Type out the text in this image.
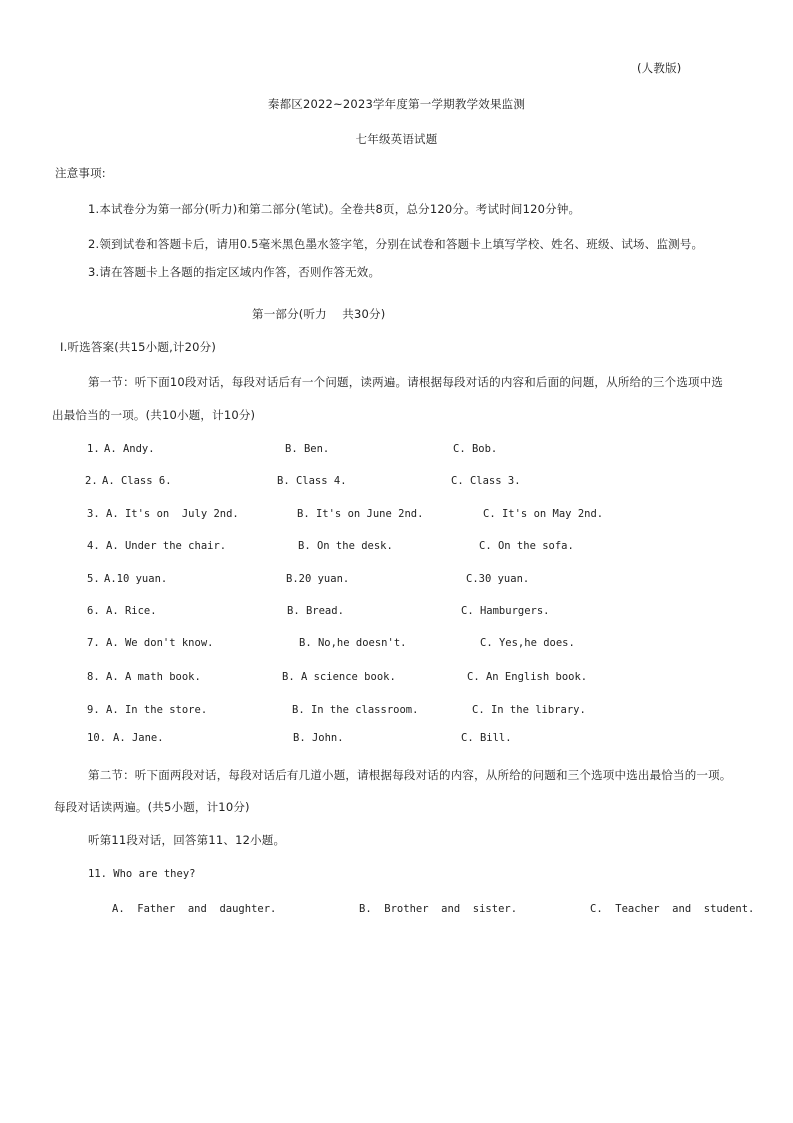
(人教版)
秦都区2022~2023学年度第一学期教学效果监测
七年级英语试题
注意事项:
1.本试卷分为第一部分(听力)和第二部分(笔试)。全卷共8页，总分120分。考试时间120分钟。
2.领到试卷和答题卡后，请用0.5毫米黑色墨水签字笔，分别在试卷和答题卡上填写学校、姓名、班级、试场、监测号。
3.请在答题卡上各题的指定区域内作答，否则作答无效。
第一部分(听力    共30分)
Ⅰ.听选答案(共15小题,计20分)
第一节：听下面10段对话，每段对话后有一个问题，读两遍。请根据每段对话的内容和后面的问题，从所给的三个选项中选
出最恰当的一项。(共10小题，计10分)
1. A. Andy.	B. Ben.	C. Bob.
2. A. Class 6.	B. Class 4.	C. Class 3.
3. A. It's on  July 2nd.	B. It's on June 2nd.	C. It's on May 2nd.
4. A. Under the chair.	B. On the desk.	C. On the sofa.
5. A.10 yuan.	B.20 yuan.	C.30 yuan.
6. A. Rice.	B. Bread.	C. Hamburgers.
7. A. We don't know.	B. No,he doesn't.	C. Yes,he does.
8. A. A math book.	B. A science book.	C. An English book.
9. A. In the store.	B. In the classroom.	C. In the library.
10. A. Jane.	B. John.	C. Bill.
第二节：听下面两段对话，每段对话后有几道小题，请根据每段对话的内容，从所给的问题和三个选项中选出最恰当的一项。
每段对话读两遍。(共5小题，计10分)
听第11段对话，回答第11、12小题。
11. Who are they?
A.  Father  and  daughter.	B.  Brother  and  sister.	C.  Teacher  and  student.
